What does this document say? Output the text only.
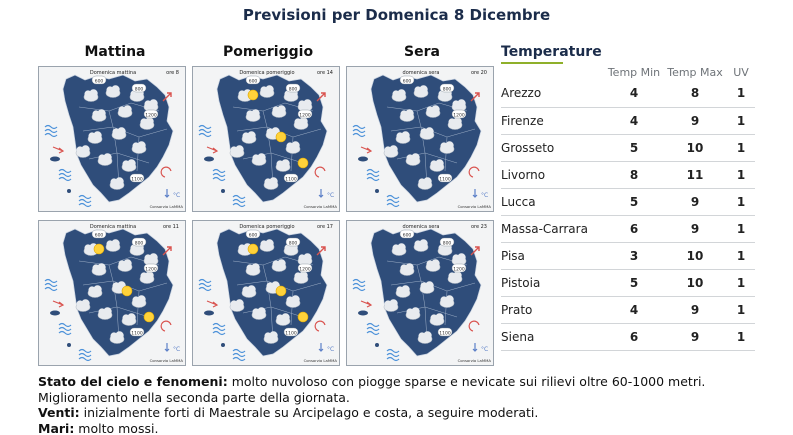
Previsioni per Domenica 8 Dicembre
Mattina	Pomeriggio	Sera
600
800
1200
1100
°C
Domenica mattina	ore 8
Consorzio LaMMA
600
800
1200
1100
°C
Domenica pomeriggio	ore 14
Consorzio LaMMA
600
800
1200
1100
°C
domenica sera	ore 20
Consorzio LaMMA
600
800
1200
1100
°C
Domenica mattina	ore 11
Consorzio LaMMA
600
800
1200
1100
°C
Domenica pomeriggio	ore 17
Consorzio LaMMA
600
800
1200
1100
°C
domenica sera	ore 23
Consorzio LaMMA
Temperature
	Temp Min	Temp Max	UV
Arezzo	4	8	1
Firenze	4	9	1
Grosseto	5	10	1
Livorno	8	11	1
Lucca	5	9	1
Massa-Carrara	6	9	1
Pisa	3	10	1
Pistoia	5	10	1
Prato	4	9	1
Siena	6	9	1
Stato del cielo e fenomeni: molto nuvoloso con piogge sparse e nevicate sui rilievi oltre 60-1000 metri.
Miglioramento nella seconda parte della giornata.
Venti: inizialmente forti di Maestrale su Arcipelago e costa, a seguire moderati.
Mari: molto mossi.
